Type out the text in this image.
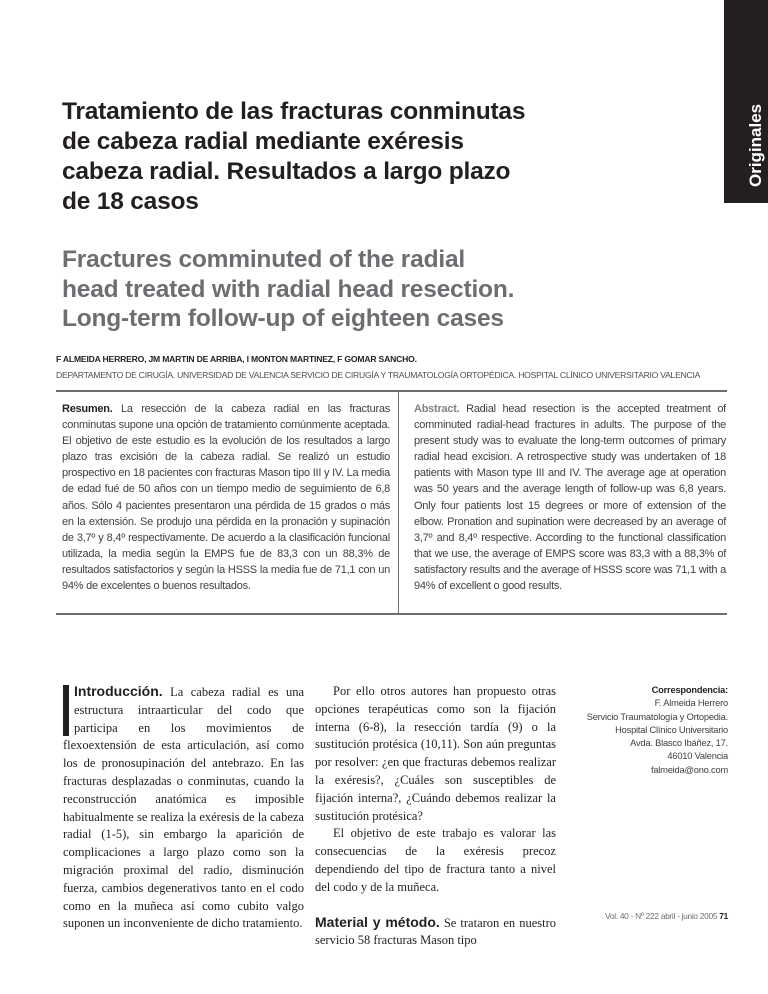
Originales
Tratamiento de las fracturas conminutas
de cabeza radial mediante exéresis
cabeza radial. Resultados a largo plazo
de 18 casos
Fractures comminuted of the radial
head treated with radial head resection.
Long-term follow-up of eighteen cases
F ALMEIDA HERRERO, JM MARTIN DE ARRIBA, I MONTON MARTINEZ, F GOMAR SANCHO.
DEPARTAMENTO DE CIRUGÍA. UNIVERSIDAD DE VALENCIA SERVICIO DE CIRUGÍA Y TRAUMATOLOGÍA ORTOPÉDICA. HOSPITAL CLÍNICO UNIVERSITARIO VALENCIA
Resumen. La resección de la cabeza radial en las fracturas conminutas supone una opción de tratamiento comúnmente aceptada. El objetivo de este estudio es la evolución de los resultados a largo plazo tras excisión de la cabeza radial. Se realizó un estudio prospectivo en 18 pacientes con fracturas Mason tipo III y IV. La media de edad fué de 50 años con un tiempo medio de seguimiento de 6,8 años. Sólo 4 pacientes presentaron una pérdida de 15 grados o más en la extensión. Se produjo una pérdida en la pronación y supinación de 3,7º y 8,4º respectivamente. De acuerdo a la clasificación funcional utilizada, la media según la EMPS fue de 83,3 con un 88,3% de resultados satisfactorios y según la HSSS la media fue de 71,1 con un 94% de excelentes o buenos resultados.
Abstract. Radial head resection is the accepted treatment of comminuted radial-head fractures in adults. The purpose of the present study was to evaluate the long-term outcomes of primary radial head excision. A retrospective study was undertaken of 18 patients with Mason type III and IV. The average age at operation was 50 years and the average length of follow-up was 6,8 years. Only four patients lost 15 degrees or more of extension of the elbow. Pronation and supination were decreased by an average of 3,7º and 8,4º respective. According to the functional classification that we use, the average of EMPS score was 83,3 with a 88,3% of satisfactory results and the average of HSSS score was 71,1 with a 94% of excellent o good results.

Introducción. La cabeza radial es una estructura intraarticular del codo que participa en los movimientos de flexoextensión de esta articulación, así como los de pronosupinación del antebrazo. En las fracturas desplazadas o conminutas, cuando la reconstrucción anatómica es imposible habitualmente se realiza la exéresis de la cabeza radial (1-5), sin embargo la aparición de complicaciones a largo plazo como son la migración proximal del radio, disminución fuerza, cambios degenerativos tanto en el codo como en la muñeca así como cubito valgo suponen un inconveniente de dicho tratamiento.

Por ello otros autores han propuesto otras opciones terapéuticas como son la fijación interna (6-8), la resección tardía (9) o la sustitución protésica (10,11). Son aún preguntas por resolver: ¿en que fracturas debemos realizar la exéresis?, ¿Cuáles son susceptibles de fijación interna?, ¿Cuándo debemos realizar la sustitución protésica?

El objetivo de este trabajo es valorar las consecuencias de la exéresis precoz dependiendo del tipo de fractura tanto a nivel del codo y de la muñeca.

Material y método. Se trataron en nuestro servicio 58 fracturas Mason tipo

Correspondencia:
F. Almeida Herrero
Servicio Traumatología y Ortopedia.
Hospital Clínico Universitario
Avda. Blasco Ibáñez, 17.
46010 Valencia
falmeida@ono.com
Vol. 40 - Nº 222 abril - junio 2005 71
